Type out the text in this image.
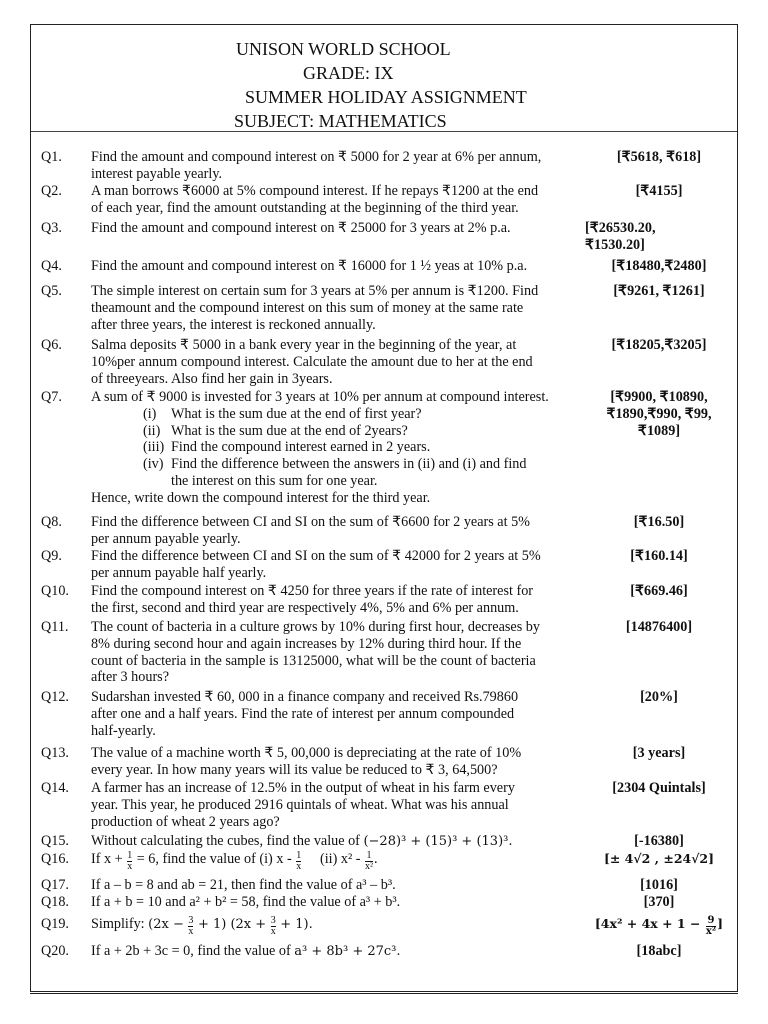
UNISON WORLD SCHOOL
GRADE: IX
SUMMER HOLIDAY ASSIGNMENT
SUBJECT: MATHEMATICS
Q1.	Find the amount and compound interest on ₹ 5000 for 2 year at 6% per annum,
interest payable yearly.
[₹5618, ₹618]
Q2.	A man borrows ₹6000 at 5% compound interest. If he repays ₹1200 at the end
of each year, find the amount outstanding at the beginning of the third year.
[₹4155]
Q3.	Find the amount and compound interest on ₹ 25000 for 3 years at 2% p.a.	[₹26530.20,
₹1530.20]
Q4.	Find the amount and compound interest on ₹ 16000 for 1 ½ yeas at 10% p.a.	[₹18480,₹2480]
Q5.	The simple interest on certain sum for 3 years at 5% per annum is ₹1200. Find
theamount and the compound interest on this sum of money at the same rate
after three years, the interest is reckoned annually.
[₹9261, ₹1261]
Q6.	Salma deposits ₹ 5000 in a bank every year in the beginning of the year, at
10%per annum compound interest. Calculate the amount due to her at the end
of threeyears. Also find her gain in 3years.
[₹18205,₹3205]
Q7.	A sum of ₹ 9000 is invested for 3 years at 10% per annum at compound interest.
(i) What is the sum due at the end of first year?
(ii) What is the sum due at the end of 2years?
(iii) Find the compound interest earned in 2 years.
(iv) Find the difference between the answers in (ii) and (i) and find
the interest on this sum for one year.
Hence, write down the compound interest for the third year.
[₹9900, ₹10890,
₹1890,₹990, ₹99,
₹1089]
Q8.	Find the difference between CI and SI on the sum of ₹6600 for 2 years at 5%
per annum payable yearly.
[₹16.50]
Q9.	Find the difference between CI and SI on the sum of ₹ 42000 for 2 years at 5%
per annum payable half yearly.
[₹160.14]
Q10.	Find the compound interest on ₹ 4250 for three years if the rate of interest for
the first, second and third year are respectively 4%, 5% and 6% per annum.
[₹669.46]
Q11.	The count of bacteria in a culture grows by 10% during first hour, decreases by
8% during second hour and again increases by 12% during third hour. If the
count of bacteria in the sample is 13125000, what will be the count of bacteria
after 3 hours?
[14876400]
Q12.	Sudarshan invested ₹ 60, 000 in a finance company and received Rs.79860
after one and a half years. Find the rate of interest per annum compounded
half-yearly.
[20%]
Q13.	The value of a machine worth ₹ 5, 00,000 is depreciating at the rate of 10%
every year. In how many years will its value be reduced to ₹ 3, 64,500?
[3 years]
Q14.	A farmer has an increase of 12.5% in the output of wheat in his farm every
year. This year, he produced 2916 quintals of wheat. What was his annual
production of wheat 2 years ago?
[2304 Quintals]
Q15.	Without calculating the cubes, find the value of (−28)³ + (15)³ + (13)³.	[-16380]
Q16.	If $x + \frac{1}{x} = 6$, find the value of (i) x - $\frac{1}{x} (ii)$ $x^2 - \frac{1}{\text{x²}}$ .	[± 4√2 , ±24√2]
Q17.	If a – b = 8 and ab = 21, then find the value of a³ – b³.	[1016]
Q18.	If a + b = 10 and a² + b² = 58, find the value of a³ + b³.	[370]
Q19.	Simplify: $(2x - \frac{3}{x} + 1)$ $(2x + \frac{3}{x} + 1)$.	[$4x^2 + 4x + 1 - \frac{9}{\text{x²}}$ ]
Q20.	If a + 2b + 3c = 0, find the value of a³ + 8b³ + 27c³.	[18abc]
